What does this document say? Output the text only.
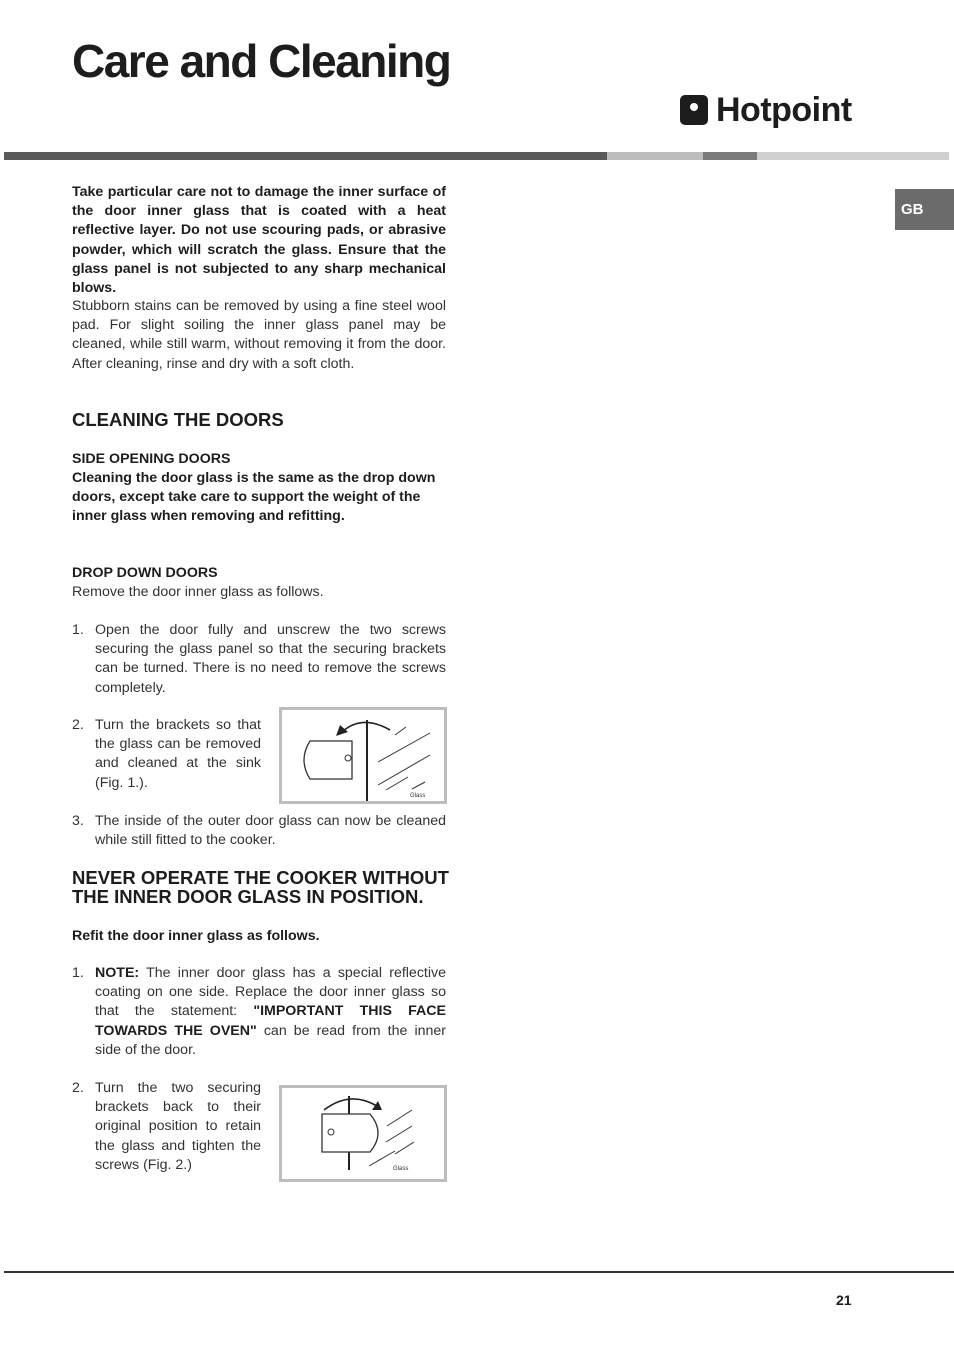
Care and Cleaning
Hotpoint
GB
Take particular care not to damage the inner surface of the door inner glass that is coated with a heat reflective layer. Do not use scouring pads, or abrasive powder, which will scratch the glass. Ensure that the glass panel is not subjected to any sharp mechanical blows.
Stubborn stains can be removed by using a fine steel wool pad. For slight soiling the inner glass panel may be cleaned, while still warm, without removing it from the door. After cleaning, rinse and dry with a soft cloth.
CLEANING THE DOORS
SIDE OPENING DOORS
Cleaning the door glass is the same as the drop down doors, except take care to support the weight of the inner glass when removing and refitting.
DROP DOWN DOORS
Remove the door inner glass as follows.
1. Open the door fully and unscrew the two screws securing the glass panel so that the securing brackets can be turned. There is no need to remove the screws completely.
2. Turn the brackets so that the glass can be removed and cleaned at the sink (Fig. 1.).
Glass
3. The inside of the outer door glass can now be cleaned while still fitted to the cooker.
NEVER OPERATE THE COOKER WITHOUT THE INNER DOOR GLASS IN POSITION.
Refit the door inner glass as follows.
1. NOTE: The inner door glass has a special reflective coating on one side. Replace the door inner glass so that the statement: "IMPORTANT THIS FACE TOWARDS THE OVEN" can be read from the inner side of the door.
2. Turn the two securing brackets back to their original position to retain the glass and tighten the screws (Fig. 2.)	Glass
21
